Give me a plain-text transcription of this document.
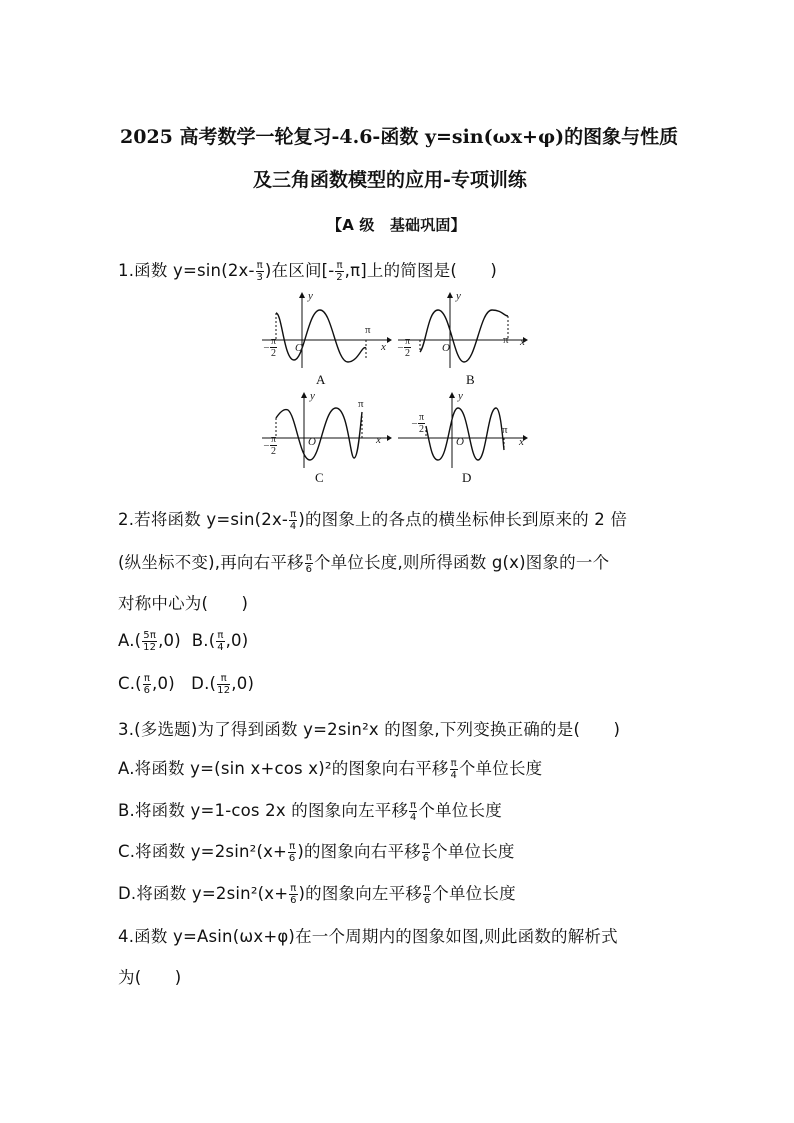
2025 高考数学一轮复习-4.6-函数 y=sin(ωx+φ)的图象与性质
及三角函数模型的应用-专项训练
【A 级　基础巩固】
1.函数 $y=\sin(2x- \frac{\pi}{3}$ )在区间[- $\frac{\pi}{2} ,\pi$]上的简图是(　　)
y
x
O
π
– $\frac{\pi}{2}$
A
y
x
O
π
– $\frac{\pi}{2}$
B
y
x
O
π
– $\frac{\pi}{2}$
C
y
x
O
π
– $\frac{\pi}{2}$
D
2.若将函数 $y=\sin(2x- \frac{\pi}{4}$ )的图象上的各点的横坐标伸长到原来的 2 倍
(纵坐标不变),再向右平移 $\frac{\pi}{6}$ 个单位长度,则所得函数 g(x)图象的一个
对称中心为(　　)
$A.( \frac{5\pi}{12} ,0)$ $B.( \frac{\pi}{4} ,0)$
$C.( \frac{\pi}{6} ,0)$ $D.( \frac{\pi}{12} ,0)$
3.(多选题)为了得到函数 y=2sin²x 的图象,下列变换正确的是(　　)
A.将函数 y=(sin x+cos x)²的图象向右平移 $\frac{\pi}{4}$ 个单位长度
B.将函数 y=1-cos 2x 的图象向左平移 $\frac{\pi}{4}$ 个单位长度
C.将函数 $y=2\sin^2(x+ \frac{\pi}{6}$ )的图象向右平移 $\frac{\pi}{6}$ 个单位长度
D.将函数 $y=2\sin^2(x+ \frac{\pi}{6}$ )的图象向左平移 $\frac{\pi}{6}$ 个单位长度
4.函数 y=Asin(ωx+φ)在一个周期内的图象如图,则此函数的解析式
为(　　)
